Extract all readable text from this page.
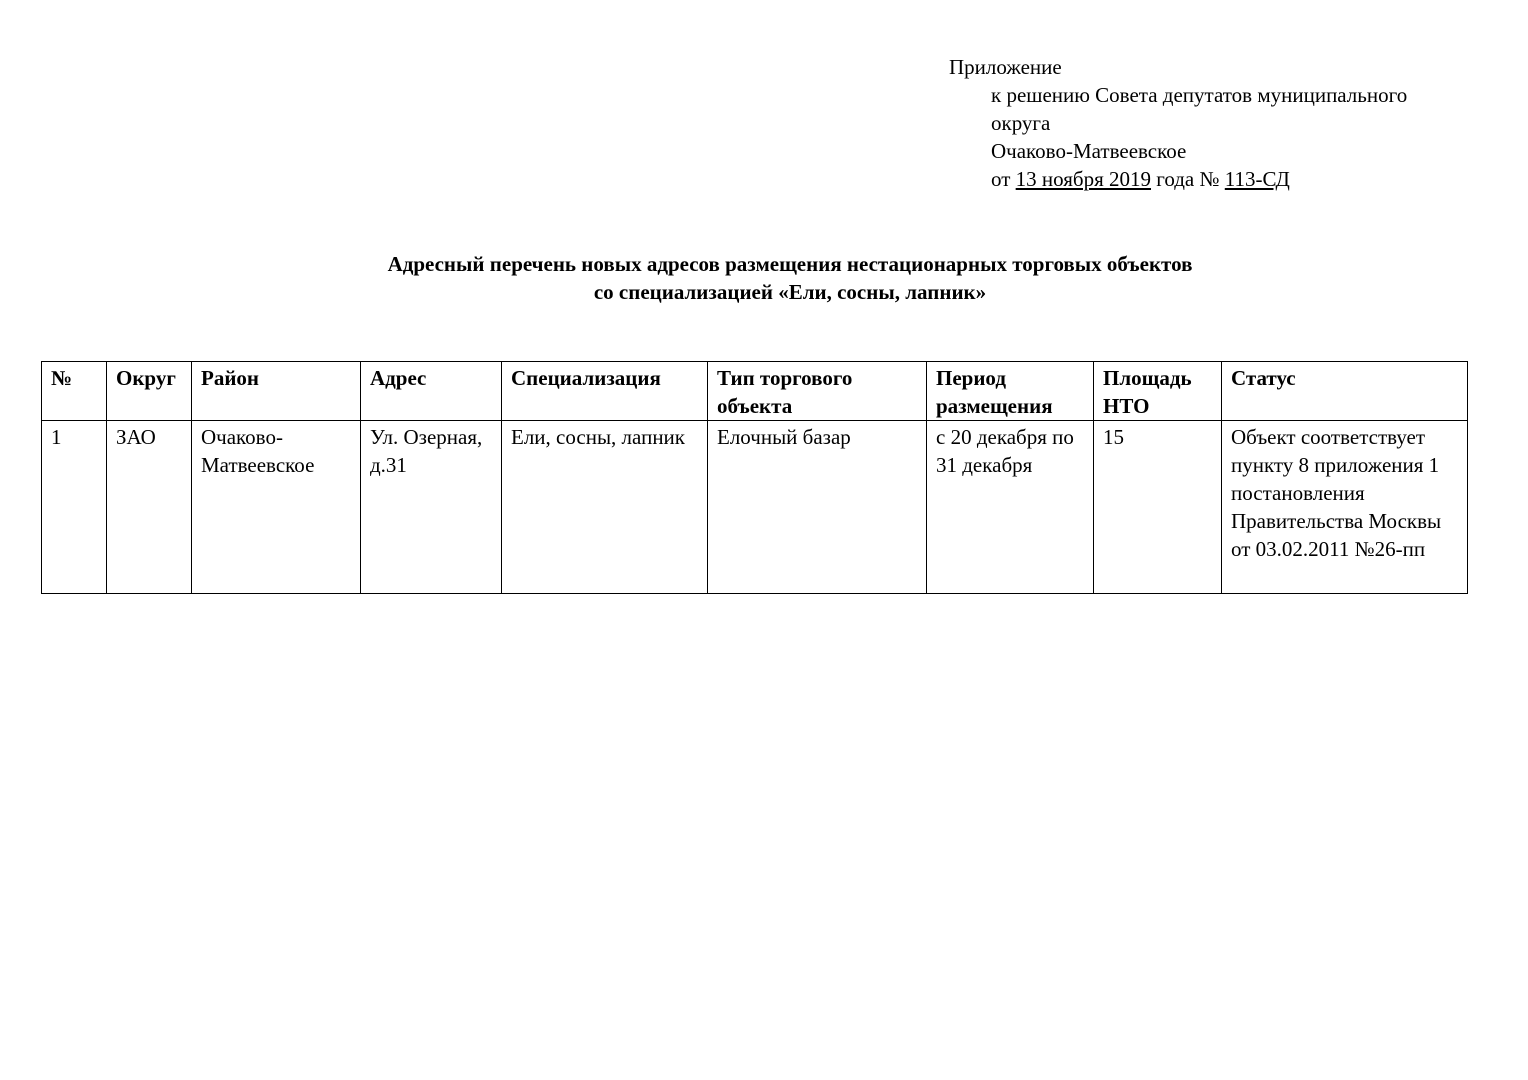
Приложение
к решению Совета депутатов муниципального
округа
Очаково-Матвеевское
от 13 ноября 2019 года № 113-СД
Адресный перечень новых адресов размещения нестационарных торговых объектов
со специализацией «Ели, сосны, лапник»
№	Округ	Район	Адрес	Специализация	Тип торгового объекта	Период размещения	Площадь НТО	Статус
1	ЗАО	Очаково-Матвеевское	Ул. Озерная, д.31	Ели, сосны, лапник	Елочный базар	с 20 декабря по 31 декабря	15	Объект соответствует пункту 8 приложения 1 постановления Правительства Москвы от 03.02.2011 №26-пп
